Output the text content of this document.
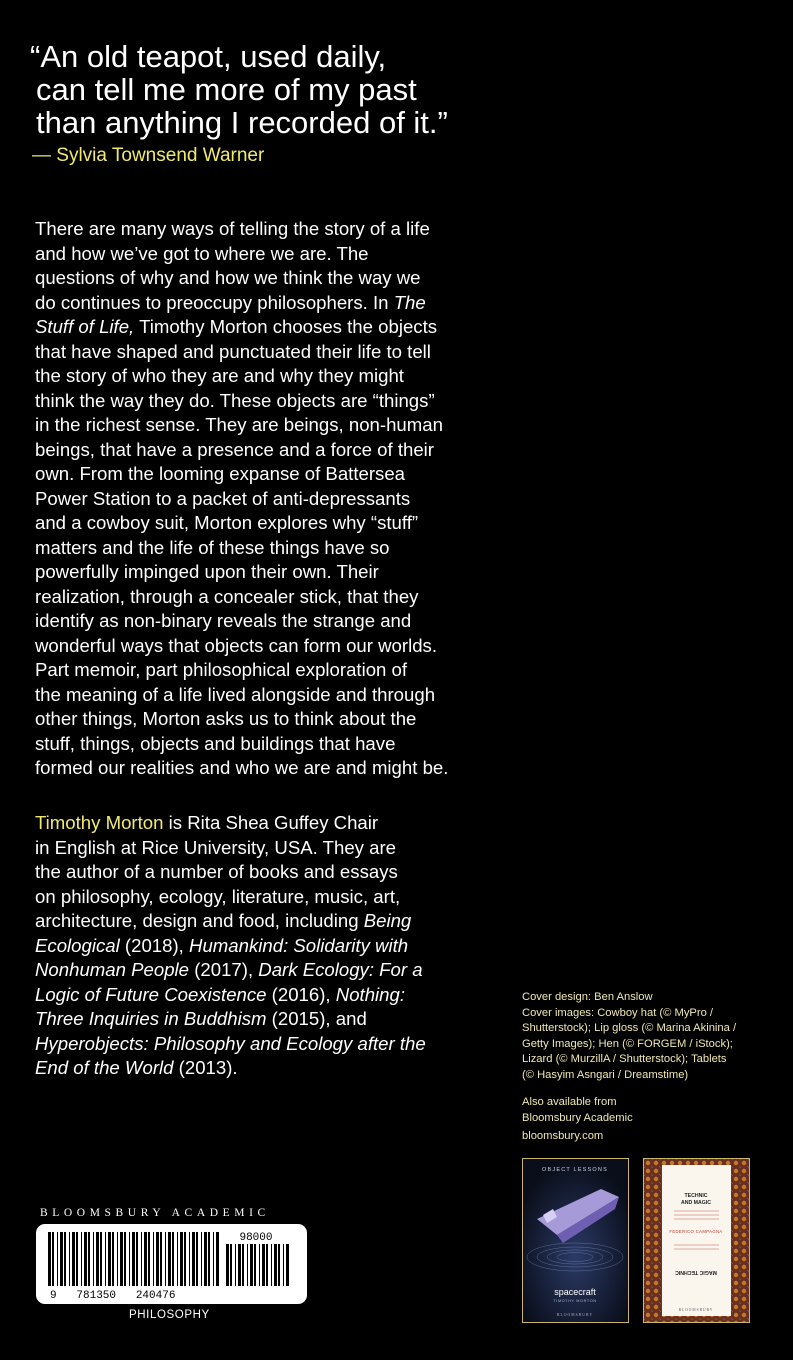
“An old teapot, used daily,
can tell me more of my past
than anything I recorded of it.”
— Sylvia Townsend Warner
There are many ways of telling the story of a life
and how we’ve got to where we are. The
questions of why and how we think the way we
do continues to preoccupy philosophers. In The
Stuff of Life, Timothy Morton chooses the objects
that have shaped and punctuated their life to tell
the story of who they are and why they might
think the way they do. These objects are “things”
in the richest sense. They are beings, non-human
beings, that have a presence and a force of their
own. From the looming expanse of Battersea
Power Station to a packet of anti-depressants
and a cowboy suit, Morton explores why “stuff”
matters and the life of these things have so
powerfully impinged upon their own. Their
realization, through a concealer stick, that they
identify as non-binary reveals the strange and
wonderful ways that objects can form our worlds.
Part memoir, part philosophical exploration of
the meaning of a life lived alongside and through
other things, Morton asks us to think about the
stuff, things, objects and buildings that have
formed our realities and who we are and might be.
Timothy Morton is Rita Shea Guffey Chair
in English at Rice University, USA. They are
the author of a number of books and essays
on philosophy, ecology, literature, music, art,
architecture, design and food, including Being
Ecological (2018), Humankind: Solidarity with
Nonhuman People (2017), Dark Ecology: For a
Logic of Future Coexistence (2016), Nothing:
Three Inquiries in Buddhism (2015), and
Hyperobjects: Philosophy and Ecology after the
End of the World (2013).
Cover design: Ben Anslow
Cover images: Cowboy hat (© MyPro /
Shutterstock); Lip gloss (© Marina Akinina /
Getty Images); Hen (© FORGEM / iStock);
Lizard (© MurzillA / Shutterstock); Tablets
(© Hasyim Asngari / Dreamstime)
Also available from
Bloomsbury Academic
bloomsbury.com
OBJECT LESSONS
spacecraft
TIMOTHY MORTON
BLOOMSBURY
TECHNIC
AND MAGIC
FEDERICO CAMPAGNA
MAGIC TECHNIC
BLOOMSBURY
BLOOMSBURY ACADEMIC
98000
9   781350   240476
PHILOSOPHY
